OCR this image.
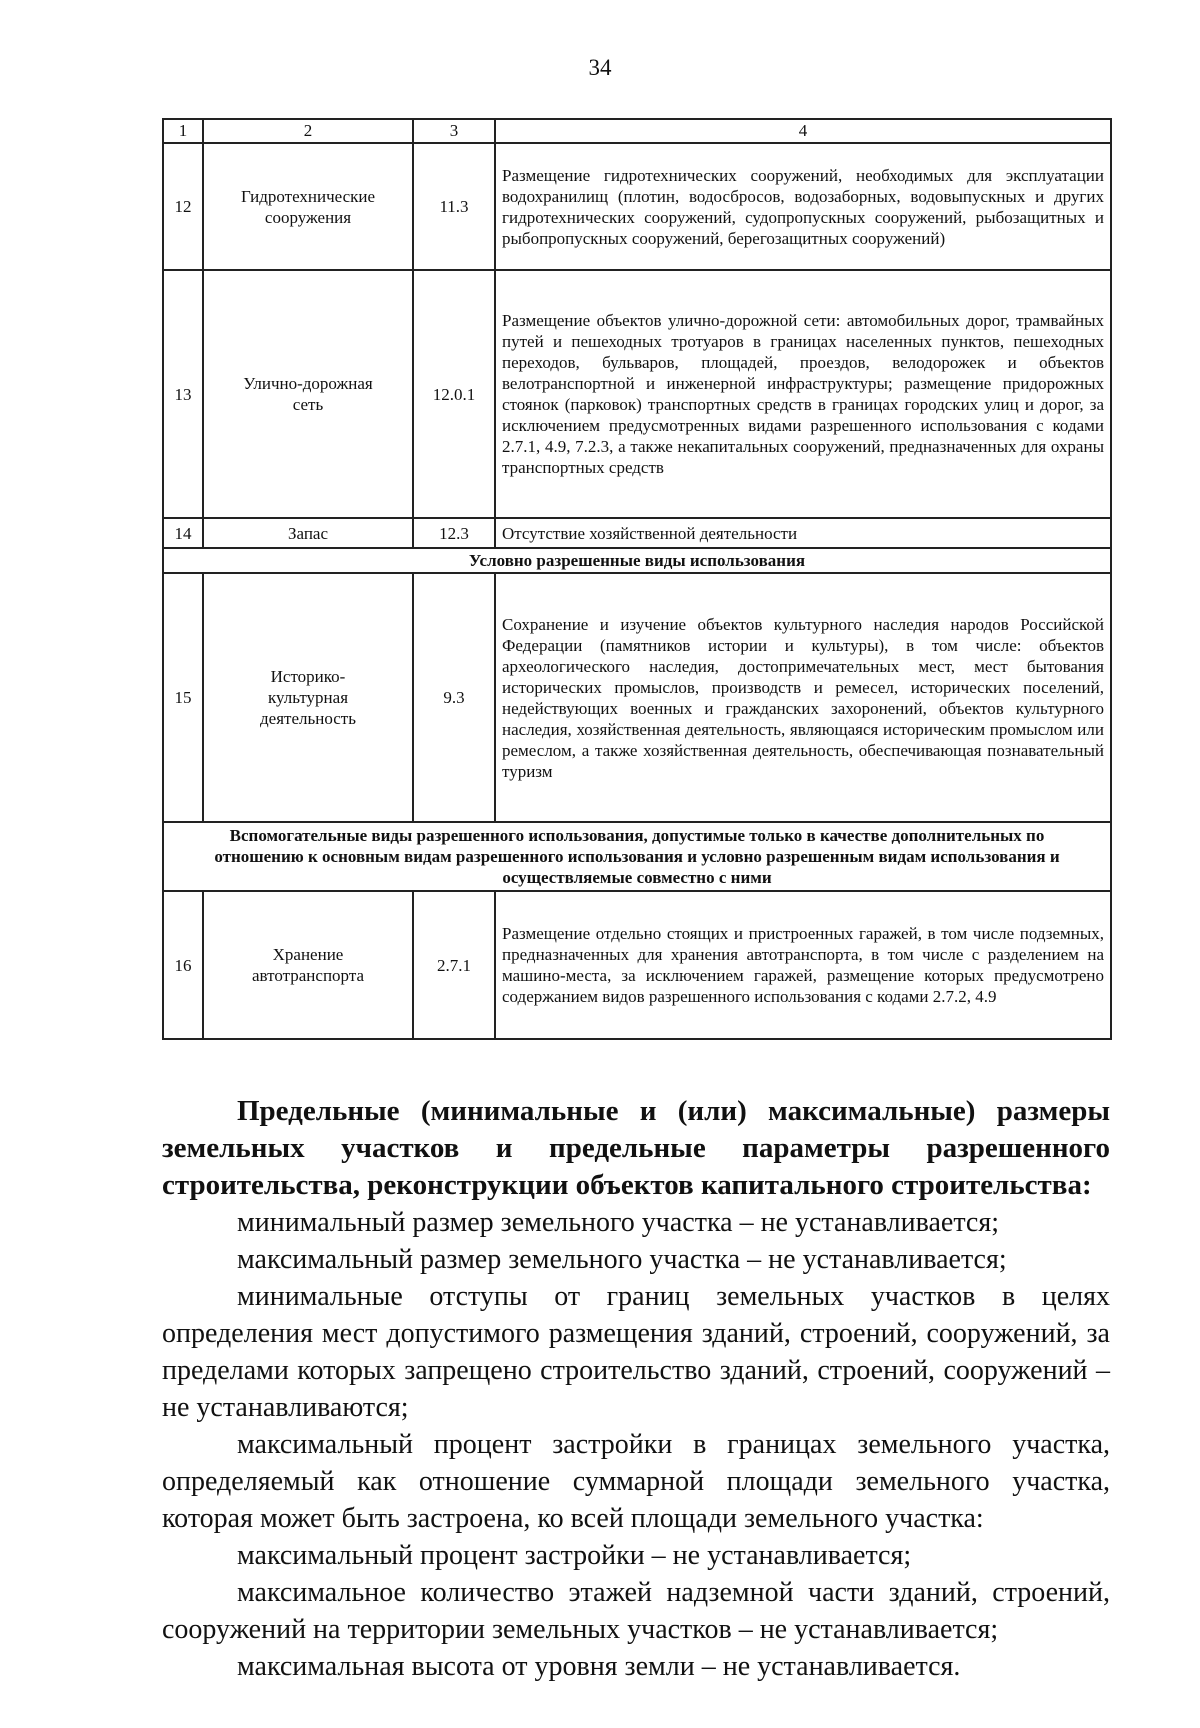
34
1	2	3	4
12	Гидротехнические сооружения	11.3	Размещение гидротехнических сооружений, необходимых для эксплуатации водохранилищ (плотин, водосбросов, водозаборных, водовыпускных и других гидротехнических сооружений, судопропускных сооружений, рыбозащитных и рыбопропускных сооружений, берегозащитных сооружений)
13	Улично-дорожная сеть	12.0.1	Размещение объектов улично-дорожной сети: автомобильных дорог, трамвайных путей и пешеходных тротуаров в границах населенных пунктов, пешеходных переходов, бульваров, площадей, проездов, велодорожек и объектов велотранспортной и инженерной инфраструктуры; размещение придорожных стоянок (парковок) транспортных средств в границах городских улиц и дорог, за исключением предусмотренных видами разрешенного использования с кодами 2.7.1, 4.9, 7.2.3, а также некапитальных сооружений, предназначенных для охраны транспортных средств
14	Запас	12.3	Отсутствие хозяйственной деятельности
Условно разрешенные виды использования			
15	Историко-культурная деятельность	9.3	Сохранение и изучение объектов культурного наследия народов Российской Федерации (памятников истории и культуры), в том числе: объектов археологического наследия, достопримечательных мест, мест бытования исторических промыслов, производств и ремесел, исторических поселений, недействующих военных и гражданских захоронений, объектов культурного наследия, хозяйственная деятельность, являющаяся историческим промыслом или ремеслом, а также хозяйственная деятельность, обеспечивающая познавательный туризм
Вспомогательные виды разрешенного использования, допустимые только в качестве дополнительных по отношению к основным видам разрешенного использования и условно разрешенным видам использования и осуществляемые совместно с ними			
16	Хранение автотранспорта	2.7.1	Размещение отдельно стоящих и пристроенных гаражей, в том числе подземных, предназначенных для хранения автотранспорта, в том числе с разделением на машино-места, за исключением гаражей, размещение которых предусмотрено содержанием видов разрешенного использования с кодами 2.7.2, 4.9

Предельные (минимальные и (или) максимальные) размеры земельных участков и предельные параметры разрешенного строительства, реконструкции объектов капитального строительства:

минимальный размер земельного участка – не устанавливается;

максимальный размер земельного участка – не устанавливается;

минимальные отступы от границ земельных участков в целях определения мест допустимого размещения зданий, строений, сооружений, за пределами которых запрещено строительство зданий, строений, сооружений – не устанавливаются;

максимальный процент застройки в границах земельного участка, определяемый как отношение суммарной площади земельного участка, которая может быть застроена, ко всей площади земельного участка:

максимальный процент застройки – не устанавливается;

максимальное количество этажей надземной части зданий, строений, сооружений на территории земельных участков – не устанавливается;

максимальная высота от уровня земли – не устанавливается.
